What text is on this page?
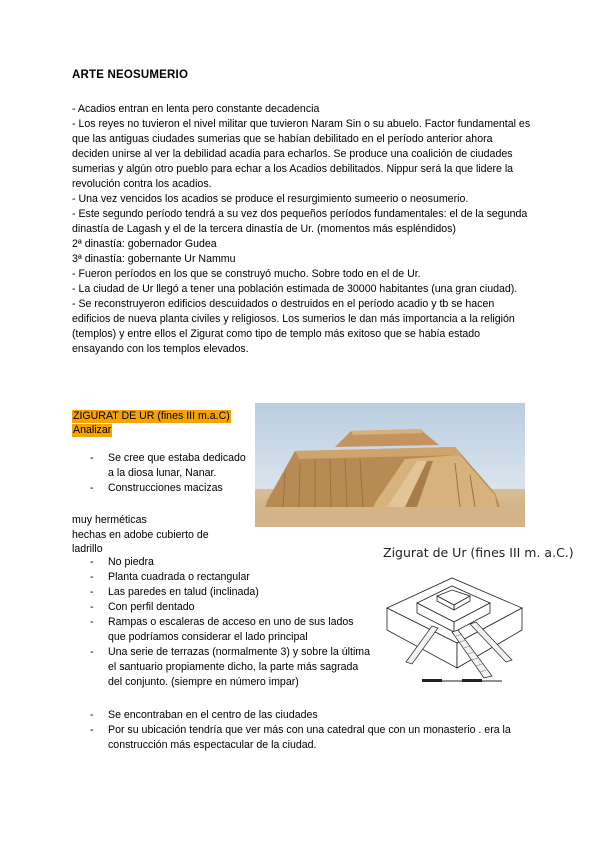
ARTE NEOSUMERIO

- Acadios entran en lenta pero constante decadencia

- Los reyes no tuvieron el nivel militar que tuvieron Naram Sin o su abuelo. Factor fundamental es que las antiguas ciudades sumerias que se habían debilitado en el período anterior ahora deciden unirse al ver la debilidad acadia para echarlos. Se produce una coalición de ciudades sumerias y algún otro pueblo para echar a los Acadios debilitados. Nippur será la que lidere la revolución contra los acadios.

- Una vez vencidos los acadios se produce el resurgimiento sumeerio o neosumerio.

- Este segundo período tendrá a su vez dos pequeños períodos fundamentales: el de la segunda dinastía de Lagash y el de la tercera dinastía de Ur. (momentos más espléndidos)

2ª dinastía: gobernador Gudea

3ª dinastía: gobernante Ur Nammu

- Fueron períodos en los que se construyó mucho. Sobre todo en el de Ur.

- La ciudad de Ur llegó a tener una población estimada de 30000 habitantes (una gran ciudad).

- Se reconstruyeron edificios descuidados o destruidos en el período acadio y tb se hacen edificios de nueva planta civiles y religiosos. Los sumerios le dan más importancia a la religión (templos) y entre ellos el Zigurat como tipo de templo más exitoso que se había estado ensayando con los templos elevados.

ZIGURAT DE UR (fines III m.a.C)
Analizar
Zigurat de Ur (fines III m. a.C.)
- Se cree que estaba dedicado a la diosa lunar, Nanar.
- Construcciones macizas
muy herméticas
hechas en adobe cubierto de
ladrillo
- No piedra
- Planta cuadrada o rectangular
- Las paredes en talud (inclinada)
- Con perfil dentado
- Rampas o escaleras de acceso en uno de sus lados que podríamos considerar el lado principal
- Una serie de terrazas (normalmente 3) y sobre la última el santuario propiamente dicho, la parte más sagrada del conjunto. (siempre en número impar)
- Se encontraban en el centro de las ciudades
- Por su ubicación tendría que ver más con una catedral que con un monasterio . era la construcción más espectacular de la ciudad.
